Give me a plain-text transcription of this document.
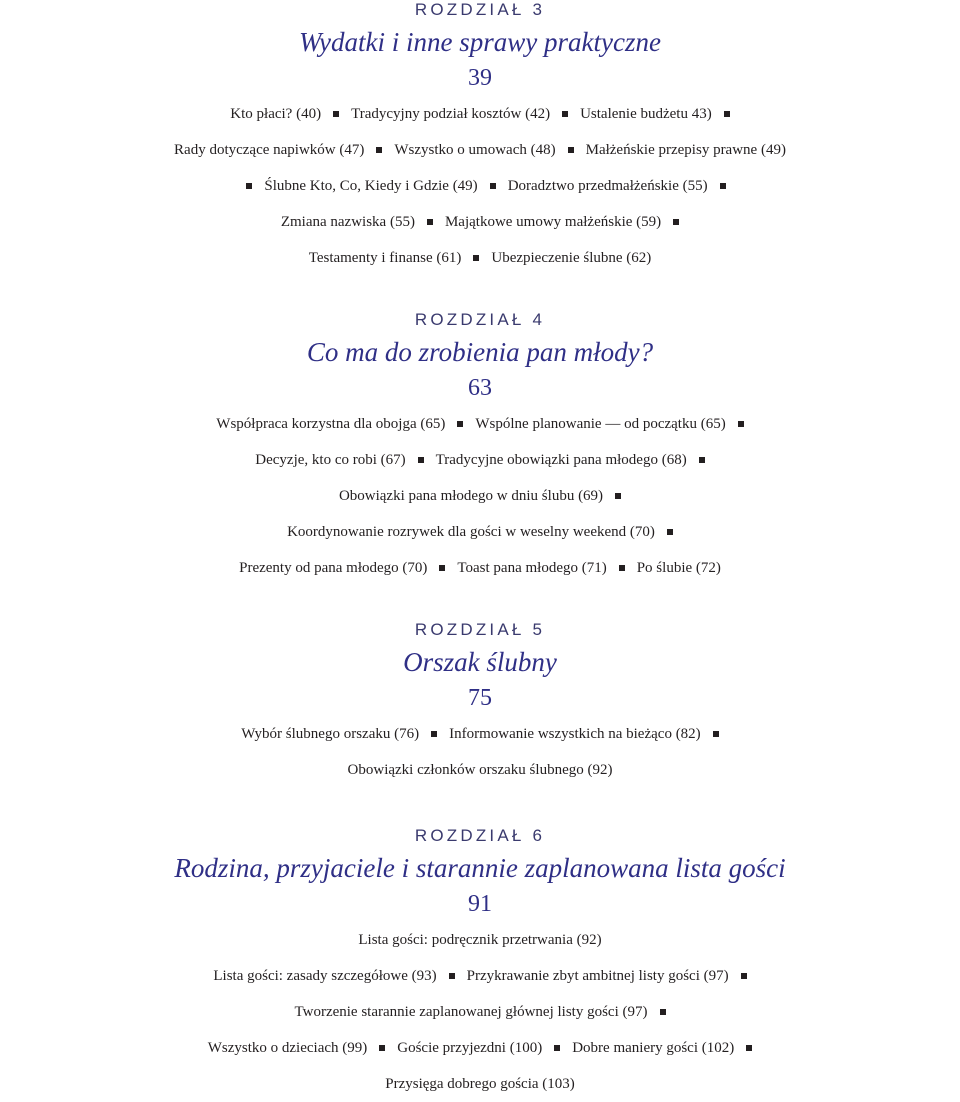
ROZDZIAŁ 3
Wydatki i inne sprawy praktyczne
39
Kto płaci? (40) Tradycyjny podział kosztów (42) Ustalenie budżetu 43)
Rady dotyczące napiwków (47) Wszystko o umowach (48) Małżeńskie przepisy prawne (49)
Ślubne Kto, Co, Kiedy i Gdzie (49) Doradztwo przedmałżeńskie (55)
Zmiana nazwiska (55) Majątkowe umowy małżeńskie (59)
Testamenty i finanse (61) Ubezpieczenie ślubne (62)
ROZDZIAŁ 4
Co ma do zrobienia pan młody?
63
Współpraca korzystna dla obojga (65) Wspólne planowanie — od początku (65)
Decyzje, kto co robi (67) Tradycyjne obowiązki pana młodego (68)
Obowiązki pana młodego w dniu ślubu (69)
Koordynowanie rozrywek dla gości w weselny weekend (70)
Prezenty od pana młodego (70) Toast pana młodego (71) Po ślubie (72)
ROZDZIAŁ 5
Orszak ślubny
75
Wybór ślubnego orszaku (76) Informowanie wszystkich na bieżąco (82)
Obowiązki członków orszaku ślubnego (92)
ROZDZIAŁ 6
Rodzina, przyjaciele i starannie zaplanowana lista gości
91
Lista gości: podręcznik przetrwania (92)
Lista gości: zasady szczegółowe (93) Przykrawanie zbyt ambitnej listy gości (97)
Tworzenie starannie zaplanowanej głównej listy gości (97)
Wszystko o dzieciach (99) Goście przyjezdni (100) Dobre maniery gości (102)
Przysięga dobrego gościa (103)
